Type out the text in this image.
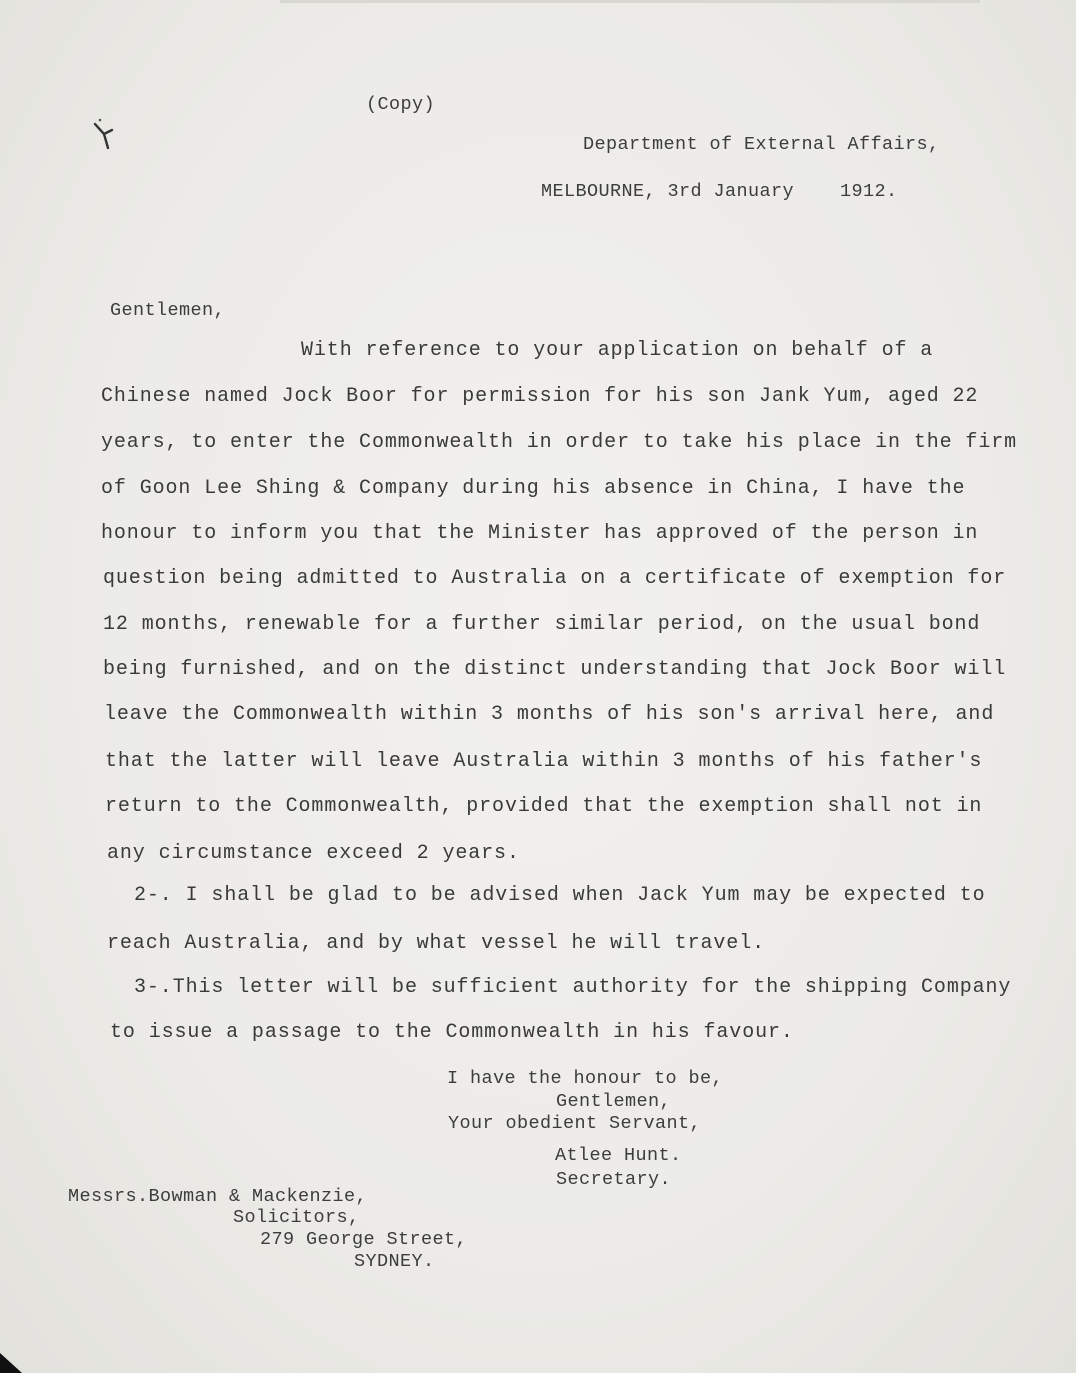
(Copy)
Department of External Affairs,
MELBOURNE, 3rd January    1912.
Gentlemen,
With reference to your application on behalf of a
Chinese named Jock Boor for permission for his son Jank Yum, aged 22
years, to enter the Commonwealth in order to take his place in the firm
of Goon Lee Shing & Company during his absence in China, I have the
honour to inform you that the Minister has approved of the person in
question being admitted to Australia on a certificate of exemption for
12 months, renewable for a further similar period, on the usual bond
being furnished, and on the distinct understanding that Jock Boor will
leave the Commonwealth within 3 months of his son's arrival here, and
that the latter will leave Australia within 3 months of his father's
return to the Commonwealth, provided that the exemption shall not in
any circumstance exceed 2 years.
2-. I shall be glad to be advised when Jack Yum may be expected to
reach Australia, and by what vessel he will travel.
3-.This letter will be sufficient authority for the shipping Company
to issue a passage to the Commonwealth in his favour.
I have the honour to be,
Gentlemen,
Your obedient Servant,
Atlee Hunt.
Secretary.
Messrs.Bowman & Mackenzie,
Solicitors,
279 George Street,
SYDNEY.
